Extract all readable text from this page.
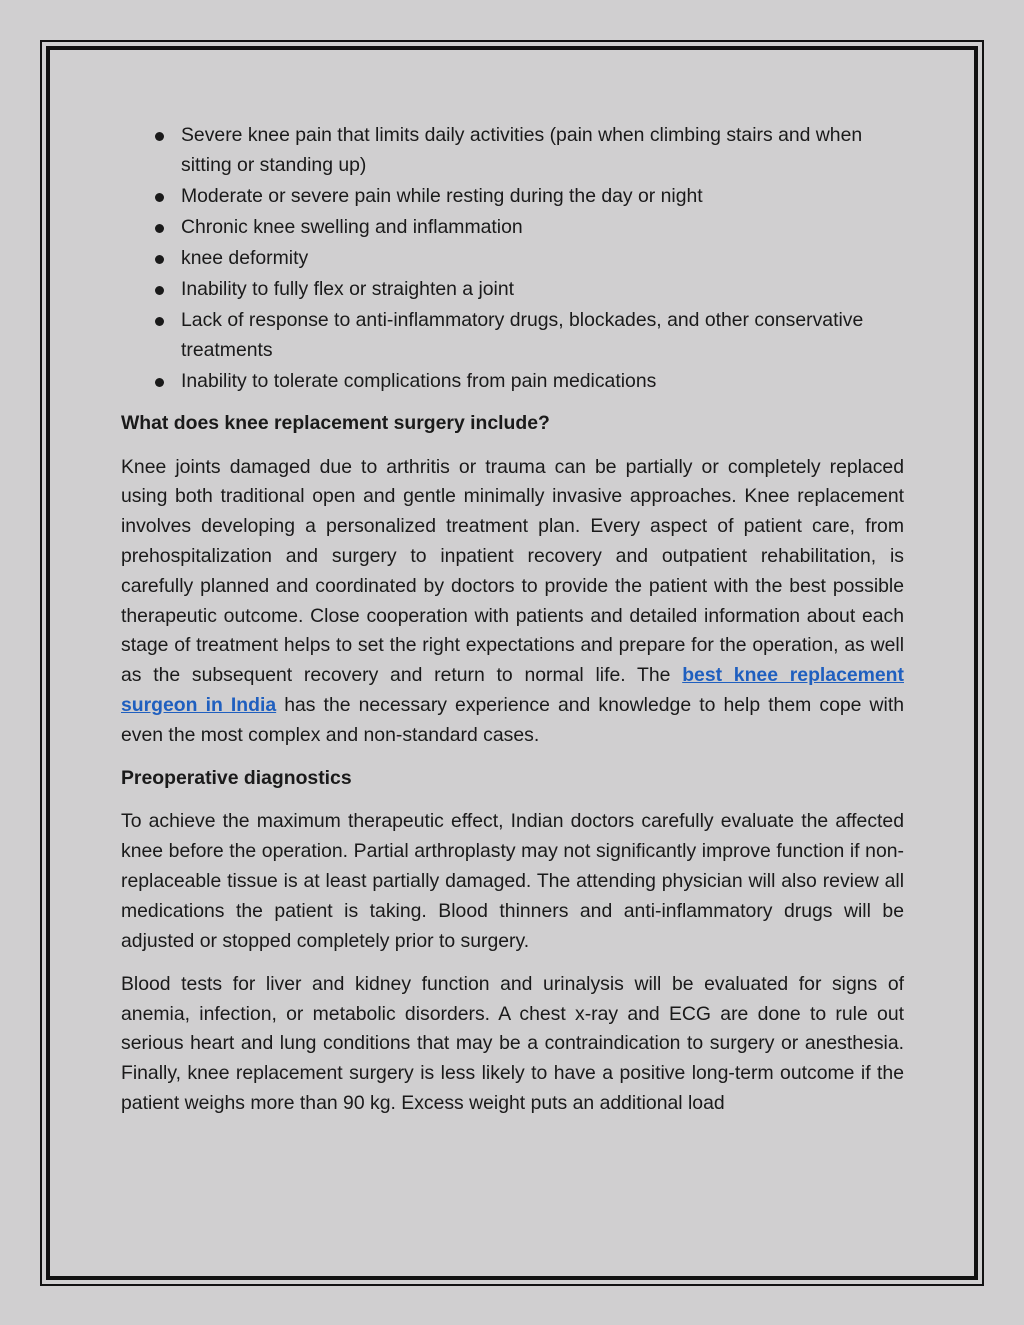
Severe knee pain that limits daily activities (pain when climbing stairs and when sitting or standing up)
Moderate or severe pain while resting during the day or night
Chronic knee swelling and inflammation
knee deformity
Inability to fully flex or straighten a joint
Lack of response to anti-inflammatory drugs, blockades, and other conservative treatments
Inability to tolerate complications from pain medications
What does knee replacement surgery include?

Knee joints damaged due to arthritis or trauma can be partially or completely replaced using both traditional open and gentle minimally invasive approaches. Knee replacement involves developing a personalized treatment plan. Every aspect of patient care, from prehospitalization and surgery to inpatient recovery and outpatient rehabilitation, is carefully planned and coordinated by doctors to provide the patient with the best possible therapeutic outcome. Close cooperation with patients and detailed information about each stage of treatment helps to set the right expectations and prepare for the operation, as well as the subsequent recovery and return to normal life. The best knee replacement surgeon in India has the necessary experience and knowledge to help them cope with even the most complex and non-standard cases.

Preoperative diagnostics

To achieve the maximum therapeutic effect, Indian doctors carefully evaluate the affected knee before the operation. Partial arthroplasty may not significantly improve function if non-replaceable tissue is at least partially damaged. The attending physician will also review all medications the patient is taking. Blood thinners and anti-inflammatory drugs will be adjusted or stopped completely prior to surgery.

Blood tests for liver and kidney function and urinalysis will be evaluated for signs of anemia, infection, or metabolic disorders. A chest x-ray and ECG are done to rule out serious heart and lung conditions that may be a contraindication to surgery or anesthesia. Finally, knee replacement surgery is less likely to have a positive long-term outcome if the patient weighs more than 90 kg. Excess weight puts an additional load
